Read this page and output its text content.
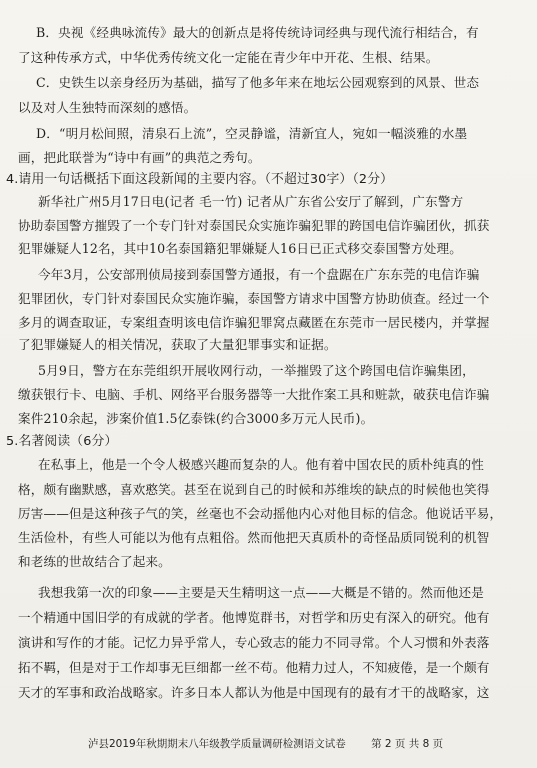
B．央视《经典咏流传》最大的创新点是将传统诗词经典与现代流行相结合，有
了这种传承方式，中华优秀传统文化一定能在青少年中开花、生根、结果。
C．史铁生以亲身经历为基础，描写了他多年来在地坛公园观察到的风景、世态
以及对人生独特而深刻的感悟。
D．“明月松间照，清泉石上流”，空灵静谧，清新宜人，宛如一幅淡雅的水墨
画，把此联誉为“诗中有画”的典范之秀句。
4.请用一句话概括下面这段新闻的主要内容。（不超过30字）（2分）
新华社广州5月17日电(记者 毛一竹) 记者从广东省公安厅了解到，广东警方
协助泰国警方摧毁了一个专门针对泰国民众实施诈骗犯罪的跨国电信诈骗团伙，抓获
犯罪嫌疑人12名，其中10名泰国籍犯罪嫌疑人16日已正式移交泰国警方处理。
今年3月，公安部刑侦局接到泰国警方通报，有一个盘踞在广东东莞的电信诈骗
犯罪团伙，专门针对泰国民众实施诈骗，泰国警方请求中国警方协助侦查。经过一个
多月的调查取证，专案组查明该电信诈骗犯罪窝点藏匿在东莞市一居民楼内，并掌握
了犯罪嫌疑人的相关情况，获取了大量犯罪事实和证据。
5月9日，警方在东莞组织开展收网行动，一举摧毁了这个跨国电信诈骗集团，
缴获银行卡、电脑、手机、网络平台服务器等一大批作案工具和赃款，破获电信诈骗
案件210余起，涉案价值1.5亿泰铢(约合3000多万元人民币)。
5.名著阅读（6分）
在私事上，他是一个令人极感兴趣而复杂的人。他有着中国农民的质朴纯真的性
格，颇有幽默感，喜欢憨笑。甚至在说到自己的时候和苏维埃的缺点的时候他也笑得
厉害——但是这种孩子气的笑，丝毫也不会动摇他内心对他目标的信念。他说话平易，
生活俭朴，有些人可能以为他有点粗俗。然而他把天真质朴的奇怪品质同锐利的机智
和老练的世故结合了起来。
我想我第一次的印象——主要是天生精明这一点——大概是不错的。然而他还是
一个精通中国旧学的有成就的学者。他博览群书，对哲学和历史有深入的研究。他有
演讲和写作的才能。记忆力异乎常人，专心致志的能力不同寻常。个人习惯和外表落
拓不羁，但是对于工作却事无巨细都一丝不苟。他精力过人，不知疲倦，是一个颇有
天才的军事和政治战略家。许多日本人都认为他是中国现有的最有才干的战略家，这
泸县2019年秋期期末八年级教学质量调研检测语文试卷 第 2 页 共 8 页
